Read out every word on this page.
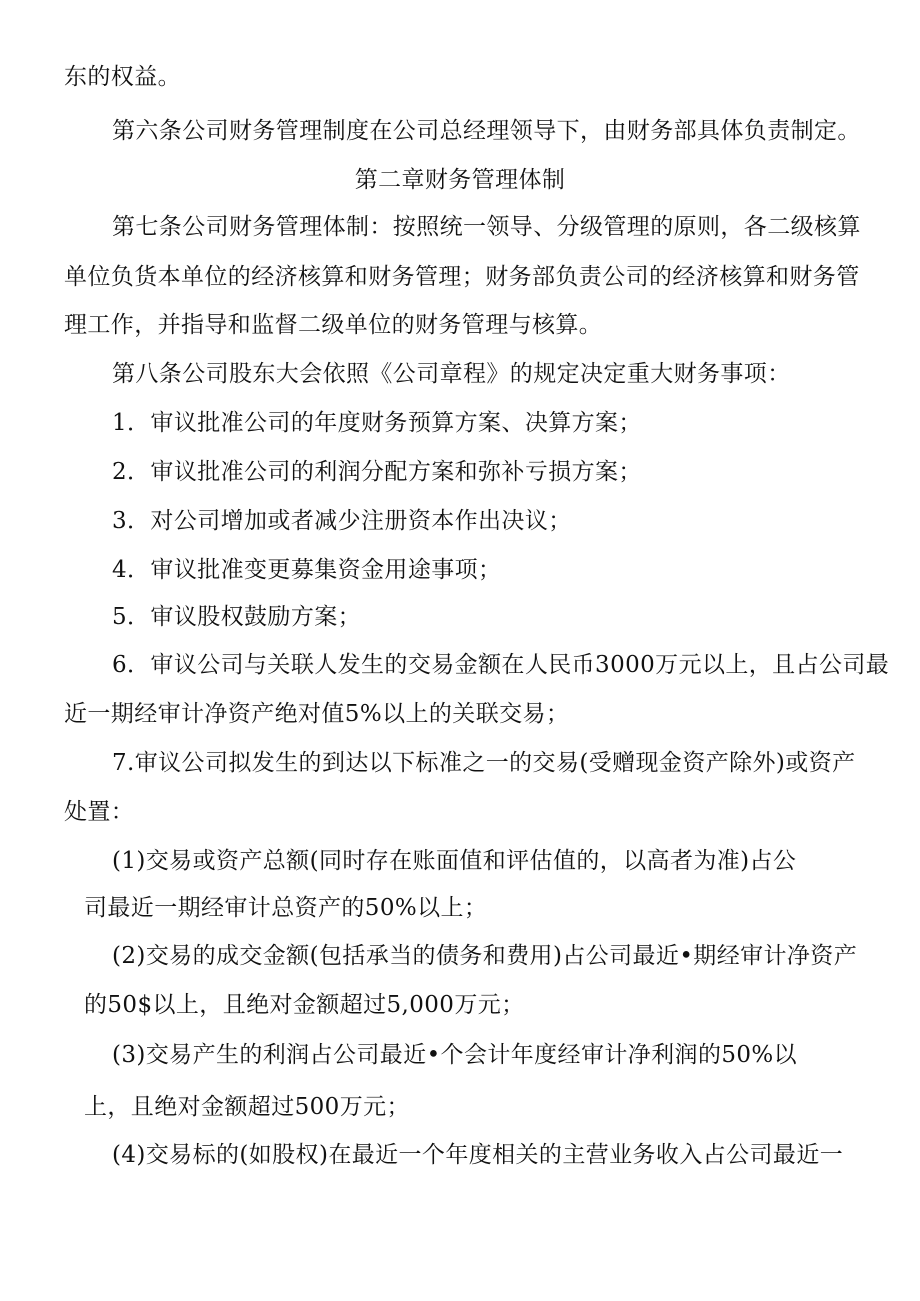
东的权益。
第六条公司财务管理制度在公司总经理领导下，由财务部具体负责制定。
第二章财务管理体制
第七条公司财务管理体制：按照统一领导、分级管理的原则，各二级核算
单位负货本单位的经济核算和财务管理；财务部负责公司的经济核算和财务管
理工作，并指导和监督二级单位的财务管理与核算。
第八条公司股东大会依照《公司章程》的规定决定重大财务事项：
1．审议批准公司的年度财务预算方案、决算方案；
2．审议批准公司的利润分配方案和弥补亏损方案；
3．对公司增加或者减少注册资本作出决议；
4．审议批准变更募集资金用途事项；
5．审议股权鼓励方案；
6．审议公司与关联人发生的交易金额在人民币3000万元以上，且占公司最
近一期经审计净资产绝对值5%以上的关联交易；
7.审议公司拟发生的到达以下标准之一的交易(受赠现金资产除外)或资产
处置：
(1)交易或资产总额(同时存在账面值和评估值的，以高者为准)占公
司最近一期经审计总资产的50%以上；
(2)交易的成交金额(包括承当的债务和费用)占公司最近•期经审计净资产
的50$以上，且绝对金额超过5,000万元；
(3)交易产生的利润占公司最近•个会计年度经审计净利润的50%以
上，且绝对金额超过500万元；
(4)交易标的(如股权)在最近一个年度相关的主营业务收入占公司最近一
